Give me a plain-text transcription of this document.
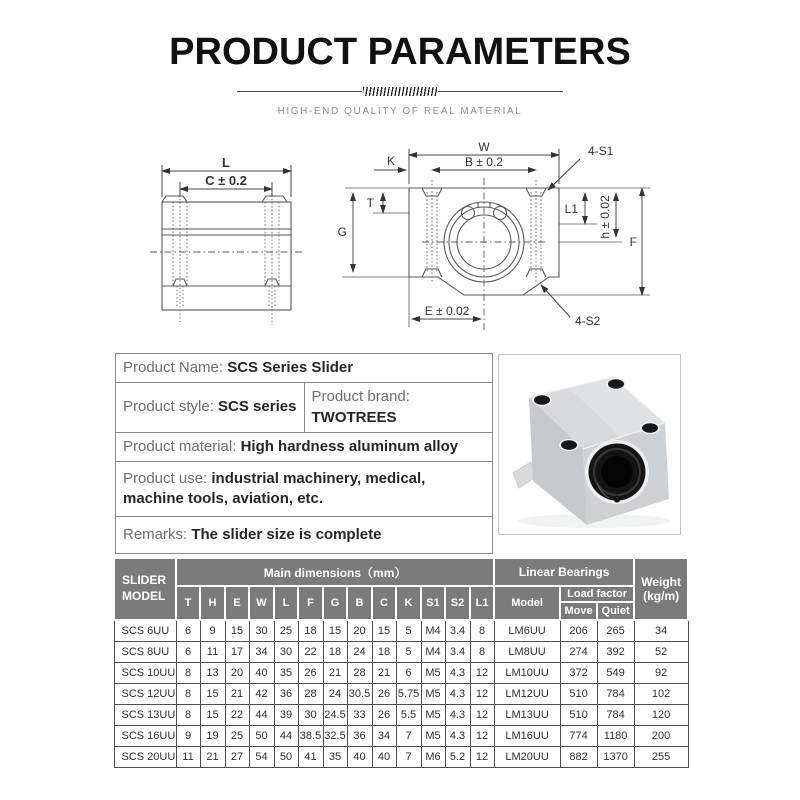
PRODUCT PARAMETERS
HIGH-END QUALITY OF REAL MATERIAL
L
C ± 0.2
W
B ± 0.2
K
4-S1
T
G
L1 h ± 0.02
F
E ± 0.02
4-S2
Product Name: SCS Series Slider
Product style: SCS series	Product brand: TWOTREES
Product material: High hardness aluminum alloy
Product use: industrial machinery, medical, machine tools, aviation, etc.
Remarks: The slider size is complete
SLIDER MODEL	Main dimensions（mm）													Linear Bearings			Weight (kg/m)
	T	H	E	W	L	F	G	B	C	K	S1	S2	L1	Model	Load factor		
															Move	Quiet	
SCS 6UU	6	9	15	30	25	18	15	20	15	5	M4	3.4	8	LM6UU	206	265	34
SCS 8UU	6	11	17	34	30	22	18	24	18	5	M4	3.4	8	LM8UU	274	392	52
SCS 10UU	8	13	20	40	35	26	21	28	21	6	M5	4.3	12	LM10UU	372	549	92
SCS 12UU	8	15	21	42	36	28	24	30.5	26	5.75	M5	4.3	12	LM12UU	510	784	102
SCS 13UU	8	15	22	44	39	30	24.5	33	26	5.5	M5	4.3	12	LM13UU	510	784	120
SCS 16UU	9	19	25	50	44	38.5	32.5	36	34	7	M5	4.3	12	LM16UU	774	1180	200
SCS 20UU	11	21	27	54	50	41	35	40	40	7	M6	5.2	12	LM20UU	882	1370	255
